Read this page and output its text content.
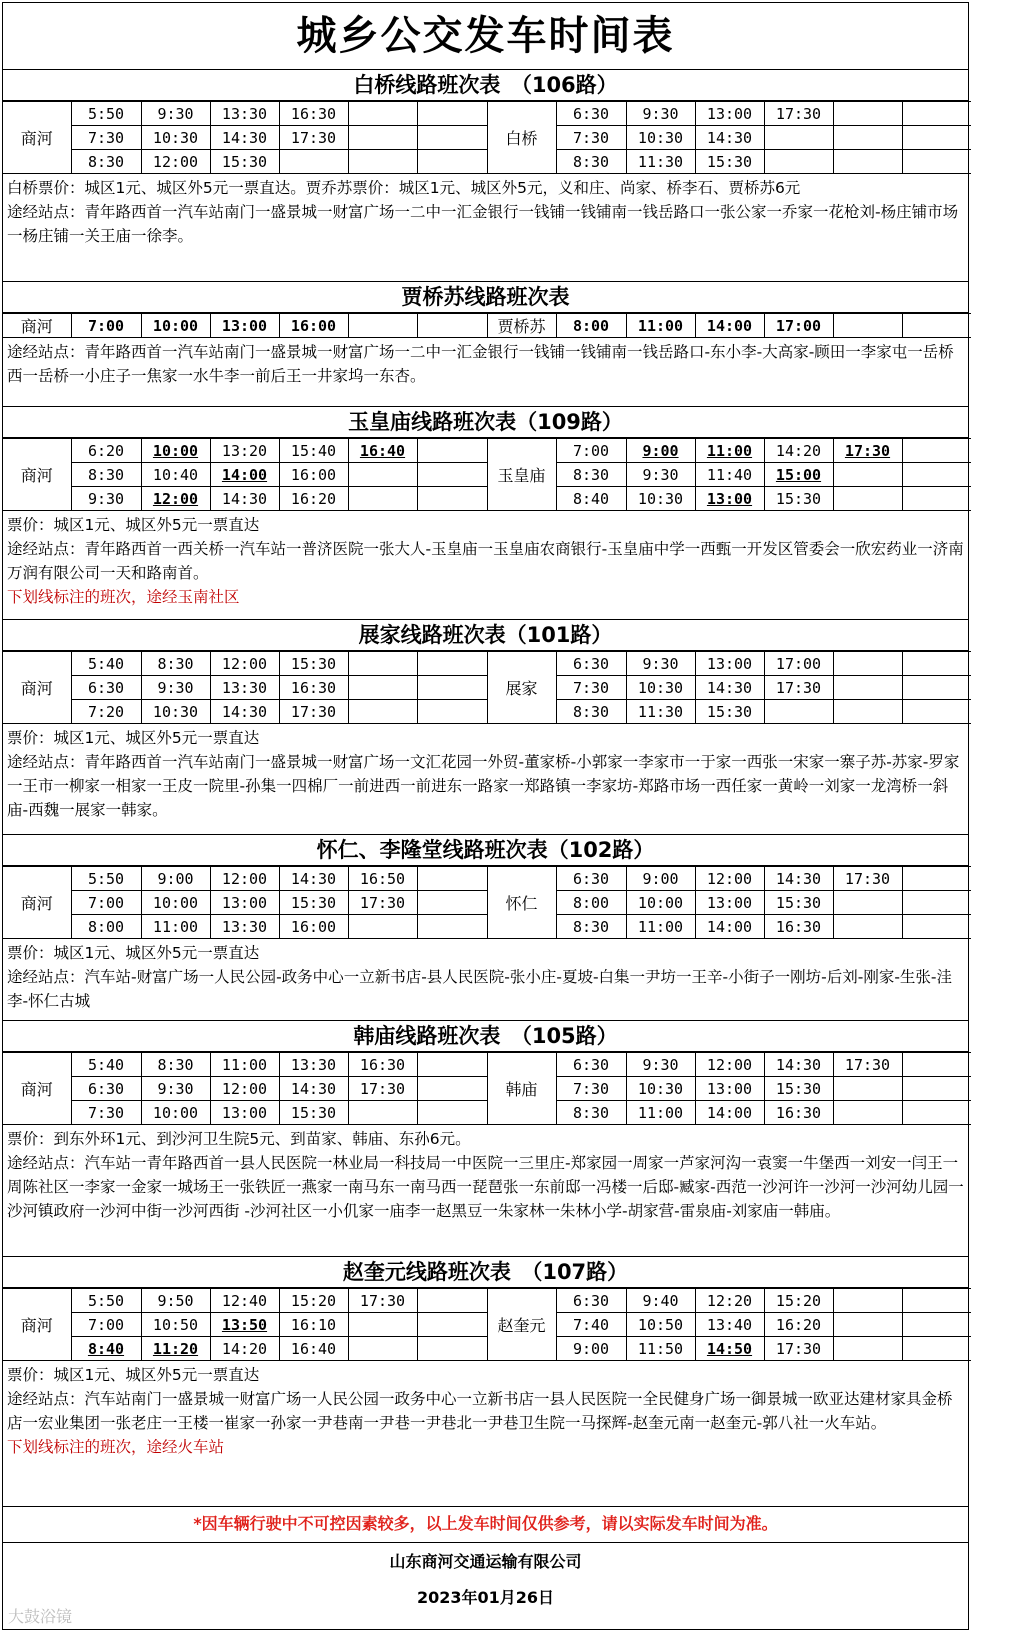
城乡公交发车时间表
白桥线路班次表　（106路）
商河	5:50	9:30	13:30	16:30			白桥	6:30	9:30	13:00	17:30		
	7:30	10:30	14:30	17:30				7:30	10:30	14:30			
	8:30	12:00	15:30					8:30	11:30	15:30			

白桥票价：城区1元、城区外5元一票直达。贾乔苏票价：城区1元、城区外5元，义和庄、尚家、桥李石、贾桥苏6元

途经站点：青年路西首一汽车站南门一盛景城一财富广场一二中一汇金银行一钱铺一钱铺南一钱岳路口一张公家一乔家一花枪刘-杨庄铺市场一杨庄铺一关王庙一徐李。

贾桥苏线路班次表
商河	7:00	10:00	13:00	16:00			贾桥苏	8:00	11:00	14:00	17:00		

途经站点：青年路西首一汽车站南门一盛景城一财富广场一二中一汇金银行一钱铺一钱铺南一钱岳路口-东小李-大高家-顾田一李家屯一岳桥西一岳桥一小庄子一焦家一水牛李一前后王一井家坞一东杏。

玉皇庙线路班次表（109路）
商河	6:20	10:00	13:20	15:40	16:40		玉皇庙	7:00	9:00	11:00	14:20	17:30	
	8:30	10:40	14:00	16:00				8:30	9:30	11:40	15:00		
	9:30	12:00	14:30	16:20				8:40	10:30	13:00	15:30		

票价：城区1元、城区外5元一票直达

途经站点：青年路西首一西关桥一汽车站一普济医院一张大人-玉皇庙一玉皇庙农商银行-玉皇庙中学一西甄一开发区管委会一欣宏药业一济南万润有限公司一天和路南首。

下划线标注的班次，途经玉南社区

展家线路班次表（101路）
商河	5:40	8:30	12:00	15:30			展家	6:30	9:30	13:00	17:00		
	6:30	9:30	13:30	16:30				7:30	10:30	14:30	17:30		
	7:20	10:30	14:30	17:30				8:30	11:30	15:30			

票价：城区1元、城区外5元一票直达

途经站点：青年路西首一汽车站南门一盛景城一财富广场一文汇花园一外贸-董家桥-小郭家一李家市一于家一西张一宋家一寨子苏-苏家-罗家一王市一柳家一相家一王皮一院里-孙集一四棉厂一前进西一前进东一路家一郑路镇一李家坊-郑路市场一西任家一黄岭一刘家一龙湾桥一斜庙-西魏一展家一韩家。

怀仁、李隆堂线路班次表（102路）
商河	5:50	9:00	12:00	14:30	16:50		怀仁	6:30	9:00	12:00	14:30	17:30	
	7:00	10:00	13:00	15:30	17:30			8:00	10:00	13:00	15:30		
	8:00	11:00	13:30	16:00				8:30	11:00	14:00	16:30		

票价：城区1元、城区外5元一票直达

途经站点：汽车站-财富广场一人民公园-政务中心一立新书店-县人民医院-张小庄-夏坡-白集一尹坊一王辛-小街子一刚坊-后刘-刚家-生张-洼李-怀仁古城

韩庙线路班次表　（105路）
商河	5:40	8:30	11:00	13:30	16:30		韩庙	6:30	9:30	12:00	14:30	17:30	
	6:30	9:30	12:00	14:30	17:30			7:30	10:30	13:00	15:30		
	7:30	10:00	13:00	15:30				8:30	11:00	14:00	16:30		

票价：到东外环1元、到沙河卫生院5元、到苗家、韩庙、东孙6元。

途经站点：汽车站一青年路西首一县人民医院一林业局一科技局一中医院一三里庄-郑家园一周家一芦家河沟一袁窦一牛堡西一刘安一闫王一周陈社区一李家一金家一城场王一张铁匠一燕家一南马东一南马西一琵琶张一东前邸一冯楼一后邸-臧家-西范一沙河许一沙河一沙河幼儿园一沙河镇政府一沙河中街一沙河西街 -沙河社区一小仉家一庙李一赵黑豆一朱家林一朱林小学-胡家营-雷泉庙-刘家庙一韩庙。

赵奎元线路班次表　（107路）
商河	5:50	9:50	12:40	15:20	17:30		赵奎元	6:30	9:40	12:20	15:20		
	7:00	10:50	13:50	16:10				7:40	10:50	13:40	16:20		
	8:40	11:20	14:20	16:40				9:00	11:50	14:50	17:30		

票价：城区1元、城区外5元一票直达

途经站点：汽车站南门一盛景城一财富广场一人民公园一政务中心一立新书店一县人民医院一全民健身广场一御景城一欧亚达建材家具金桥店一宏业集团一张老庄一王楼一崔家一孙家一尹巷南一尹巷一尹巷北一尹巷卫生院一马探辉-赵奎元南一赵奎元-郭八社一火车站。

下划线标注的班次，途经火车站

*因车辆行驶中不可控因素较多，以上发车时间仅供参考，请以实际发车时间为准。
山东商河交通运输有限公司
2023年01月26日
大鼓浴镜
